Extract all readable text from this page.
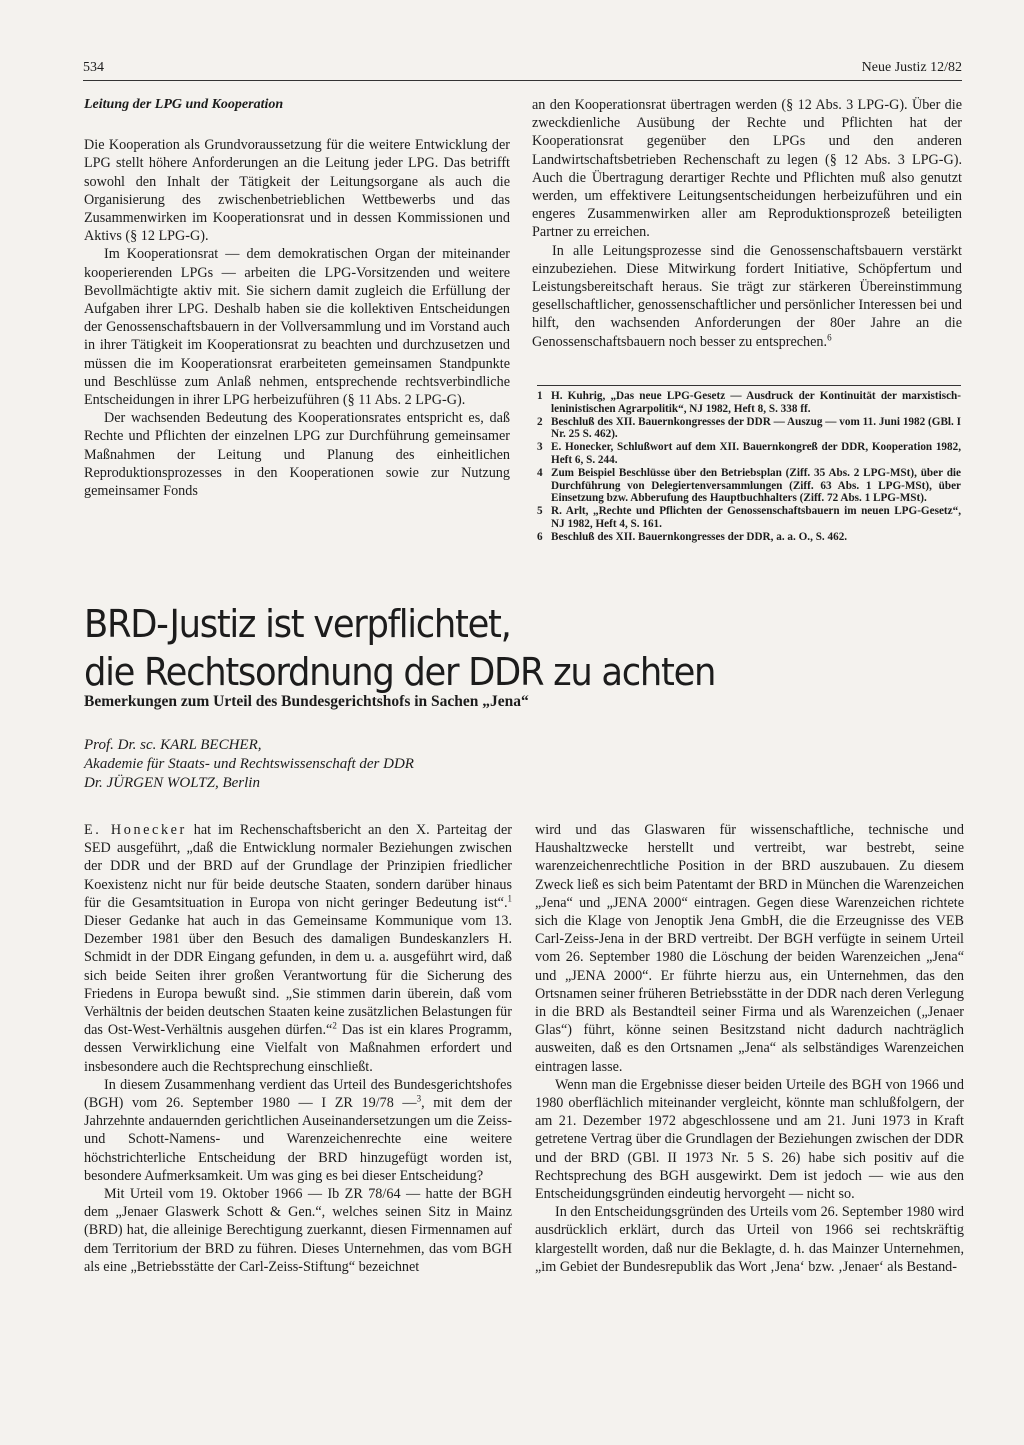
534	Neue Justiz 12/82
Leitung der LPG und Kooperation

Die Kooperation als Grundvoraussetzung für die weitere Entwicklung der LPG stellt höhere Anforderungen an die Leitung jeder LPG. Das betrifft sowohl den Inhalt der Tätigkeit der Leitungsorgane als auch die Organisierung des zwischenbetrieblichen Wettbewerbs und das Zusammenwirken im Kooperationsrat und in dessen Kommissionen und Aktivs (§ 12 LPG-G).

Im Kooperationsrat — dem demokratischen Organ der miteinander kooperierenden LPGs — arbeiten die LPG-Vorsitzenden und weitere Bevollmächtigte aktiv mit. Sie sichern damit zugleich die Erfüllung der Aufgaben ihrer LPG. Deshalb haben sie die kollektiven Entscheidungen der Genossenschaftsbauern in der Vollversammlung und im Vorstand auch in ihrer Tätigkeit im Kooperationsrat zu beachten und durchzusetzen und müssen die im Kooperationsrat erarbeiteten gemeinsamen Standpunkte und Beschlüsse zum Anlaß nehmen, entsprechende rechtsverbindliche Entscheidungen in ihrer LPG herbeizuführen (§ 11 Abs. 2 LPG-G).

Der wachsenden Bedeutung des Kooperationsrates entspricht es, daß Rechte und Pflichten der einzelnen LPG zur Durchführung gemeinsamer Maßnahmen der Leitung und Planung des einheitlichen Reproduktionsprozesses in den Kooperationen sowie zur Nutzung gemeinsamer Fonds

an den Kooperationsrat übertragen werden (§ 12 Abs. 3 LPG-G). Über die zweckdienliche Ausübung der Rechte und Pflichten hat der Kooperationsrat gegenüber den LPGs und den anderen Landwirtschaftsbetrieben Rechenschaft zu legen (§ 12 Abs. 3 LPG-G). Auch die Übertragung derartiger Rechte und Pflichten muß also genutzt werden, um effektivere Leitungsentscheidungen herbeizuführen und ein engeres Zusammenwirken aller am Reproduktionsprozeß beteiligten Partner zu erreichen.

In alle Leitungsprozesse sind die Genossenschaftsbauern verstärkt einzubeziehen. Diese Mitwirkung fordert Initiative, Schöpfertum und Leistungsbereitschaft heraus. Sie trägt zur stärkeren Übereinstimmung gesellschaftlicher, genossenschaftlicher und persönlicher Interessen bei und hilft, den wachsenden Anforderungen der 80er Jahre an die Genossenschaftsbauern noch besser zu entsprechen.$^6$

1 H. Kuhrig, „Das neue LPG-Gesetz — Ausdruck der Kontinuität der marxistisch-leninistischen Agrarpolitik“, NJ 1982, Heft 8, S. 338 ff.
2 Beschluß des XII. Bauernkongresses der DDR — Auszug — vom 11. Juni 1982 (GBl. I Nr. 25 S. 462).
3 E. Honecker, Schlußwort auf dem XII. Bauernkongreß der DDR, Kooperation 1982, Heft 6, S. 244.
4 Zum Beispiel Beschlüsse über den Betriebsplan (Ziff. 35 Abs. 2 LPG-MSt), über die Durchführung von Delegiertenversammlungen (Ziff. 63 Abs. 1 LPG-MSt), über Einsetzung bzw. Abberufung des Hauptbuchhalters (Ziff. 72 Abs. 1 LPG-MSt).
5 R. Arlt, „Rechte und Pflichten der Genossenschaftsbauern im neuen LPG-Gesetz“, NJ 1982, Heft 4, S. 161.
6 Beschluß des XII. Bauernkongresses der DDR, a. a. O., S. 462.
BRD-Justiz ist verpflichtet,
die Rechtsordnung der DDR zu achten
Bemerkungen zum Urteil des Bundesgerichtshofs in Sachen „Jena“
Prof. Dr. sc. KARL BECHER,
Akademie für Staats- und Rechtswissenschaft der DDR
Dr. JÜRGEN WOLTZ, Berlin

E. Honecker hat im Rechenschaftsbericht an den X. Parteitag der SED ausgeführt, „daß die Entwicklung normaler Beziehungen zwischen der DDR und der BRD auf der Grundlage der Prinzipien friedlicher Koexistenz nicht nur für beide deutsche Staaten, sondern darüber hinaus für die Gesamtsituation in Europa von nicht geringer Bedeutung ist“.$^1$ Dieser Gedanke hat auch in das Gemeinsame Kommunique vom 13. Dezember 1981 über den Besuch des damaligen Bundeskanzlers H. Schmidt in der DDR Eingang gefunden, in dem u. a. ausgeführt wird, daß sich beide Seiten ihrer großen Verantwortung für die Sicherung des Friedens in Europa bewußt sind. „Sie stimmen darin überein, daß vom Verhältnis der beiden deutschen Staaten keine zusätzlichen Belastungen für das Ost-West-Verhältnis ausgehen dürfen.“$^2$ Das ist ein klares Programm, dessen Verwirklichung eine Vielfalt von Maßnahmen erfordert und insbesondere auch die Rechtsprechung einschließt.

In diesem Zusammenhang verdient das Urteil des Bundesgerichtshofes (BGH) vom 26. September 1980 — I ZR 19/78 —$^3$, mit dem der Jahrzehnte andauernden gerichtlichen Auseinandersetzungen um die Zeiss- und Schott-Namens- und Warenzeichenrechte eine weitere höchstrichterliche Entscheidung der BRD hinzugefügt worden ist, besondere Aufmerksamkeit. Um was ging es bei dieser Entscheidung?

Mit Urteil vom 19. Oktober 1966 — Ib ZR 78/64 — hatte der BGH dem „Jenaer Glaswerk Schott & Gen.“, welches seinen Sitz in Mainz (BRD) hat, die alleinige Berechtigung zuerkannt, diesen Firmennamen auf dem Territorium der BRD zu führen. Dieses Unternehmen, das vom BGH als eine „Betriebsstätte der Carl-Zeiss-Stiftung“ bezeichnet

wird und das Glaswaren für wissenschaftliche, technische und Haushaltzwecke herstellt und vertreibt, war bestrebt, seine warenzeichenrechtliche Position in der BRD auszubauen. Zu diesem Zweck ließ es sich beim Patentamt der BRD in München die Warenzeichen „Jena“ und „JENA 2000“ eintragen. Gegen diese Warenzeichen richtete sich die Klage von Jenoptik Jena GmbH, die die Erzeugnisse des VEB Carl-Zeiss-Jena in der BRD vertreibt. Der BGH verfügte in seinem Urteil vom 26. September 1980 die Löschung der beiden Warenzeichen „Jena“ und „JENA 2000“. Er führte hierzu aus, ein Unternehmen, das den Ortsnamen seiner früheren Betriebsstätte in der DDR nach deren Verlegung in die BRD als Bestandteil seiner Firma und als Warenzeichen („Jenaer Glas“) führt, könne seinen Besitzstand nicht dadurch nachträglich ausweiten, daß es den Ortsnamen „Jena“ als selbständiges Warenzeichen eintragen lasse.

Wenn man die Ergebnisse dieser beiden Urteile des BGH von 1966 und 1980 oberflächlich miteinander vergleicht, könnte man schlußfolgern, der am 21. Dezember 1972 abgeschlossene und am 21. Juni 1973 in Kraft getretene Vertrag über die Grundlagen der Beziehungen zwischen der DDR und der BRD (GBl. II 1973 Nr. 5 S. 26) habe sich positiv auf die Rechtsprechung des BGH ausgewirkt. Dem ist jedoch — wie aus den Entscheidungsgründen eindeutig hervorgeht — nicht so.

In den Entscheidungsgründen des Urteils vom 26. September 1980 wird ausdrücklich erklärt, durch das Urteil von 1966 sei rechtskräftig klargestellt worden, daß nur die Beklagte, d. h. das Mainzer Unternehmen, „im Gebiet der Bundesrepublik das Wort ‚Jena‘ bzw. ‚Jenaer‘ als Bestand-
